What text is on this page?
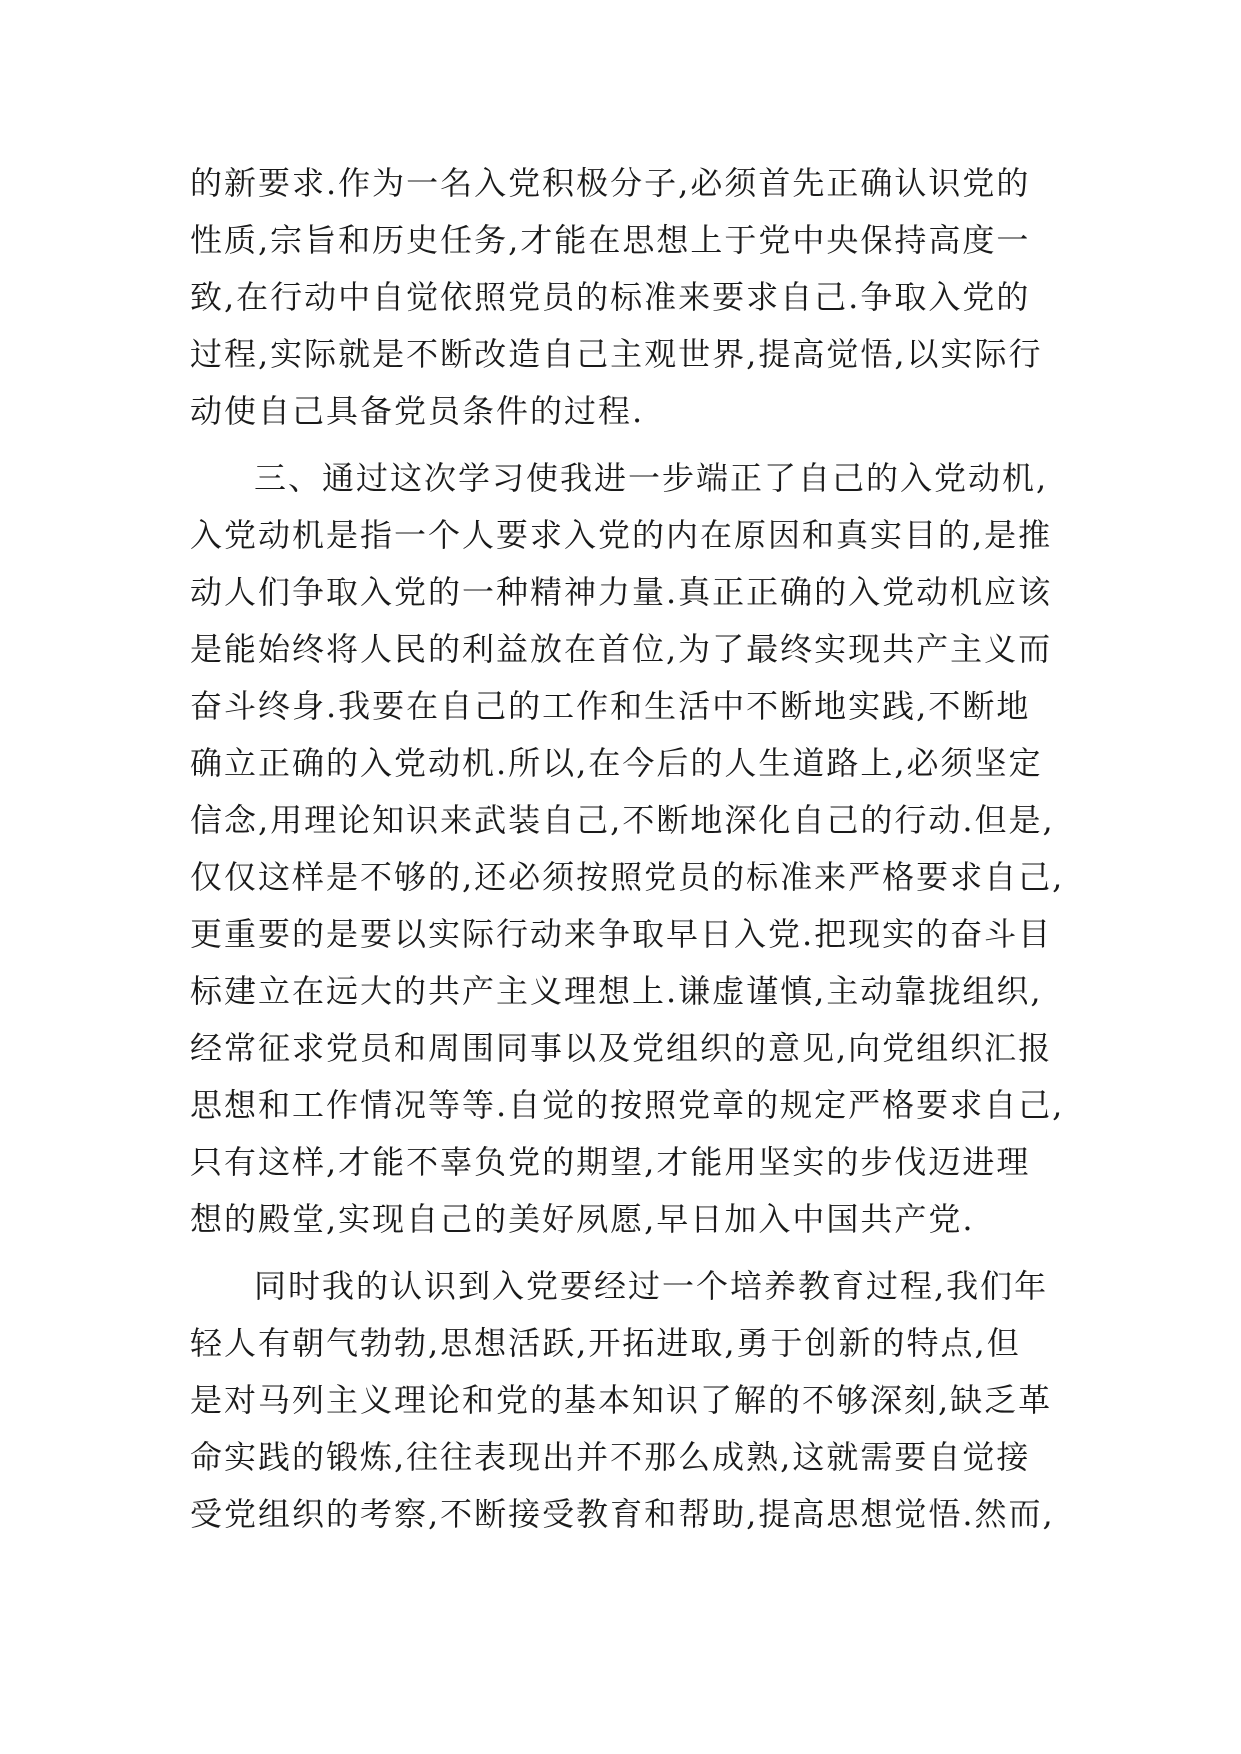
的新要求.作为一名入党积极分子,必须首先正确认识党的
性质,宗旨和历史任务,才能在思想上于党中央保持高度一
致,在行动中自觉依照党员的标准来要求自己.争取入党的
过程,实际就是不断改造自己主观世界,提高觉悟,以实际行
动使自己具备党员条件的过程.
三、通过这次学习使我进一步端正了自己的入党动机,
入党动机是指一个人要求入党的内在原因和真实目的,是推
动人们争取入党的一种精神力量.真正正确的入党动机应该
是能始终将人民的利益放在首位,为了最终实现共产主义而
奋斗终身.我要在自己的工作和生活中不断地实践,不断地
确立正确的入党动机.所以,在今后的人生道路上,必须坚定
信念,用理论知识来武装自己,不断地深化自己的行动.但是,
仅仅这样是不够的,还必须按照党员的标准来严格要求自己,
更重要的是要以实际行动来争取早日入党.把现实的奋斗目
标建立在远大的共产主义理想上.谦虚谨慎,主动靠拢组织,
经常征求党员和周围同事以及党组织的意见,向党组织汇报
思想和工作情况等等.自觉的按照党章的规定严格要求自己,
只有这样,才能不辜负党的期望,才能用坚实的步伐迈进理
想的殿堂,实现自己的美好夙愿,早日加入中国共产党.
同时我的认识到入党要经过一个培养教育过程,我们年
轻人有朝气勃勃,思想活跃,开拓进取,勇于创新的特点,但
是对马列主义理论和党的基本知识了解的不够深刻,缺乏革
命实践的锻炼,往往表现出并不那么成熟,这就需要自觉接
受党组织的考察,不断接受教育和帮助,提高思想觉悟.然而,
